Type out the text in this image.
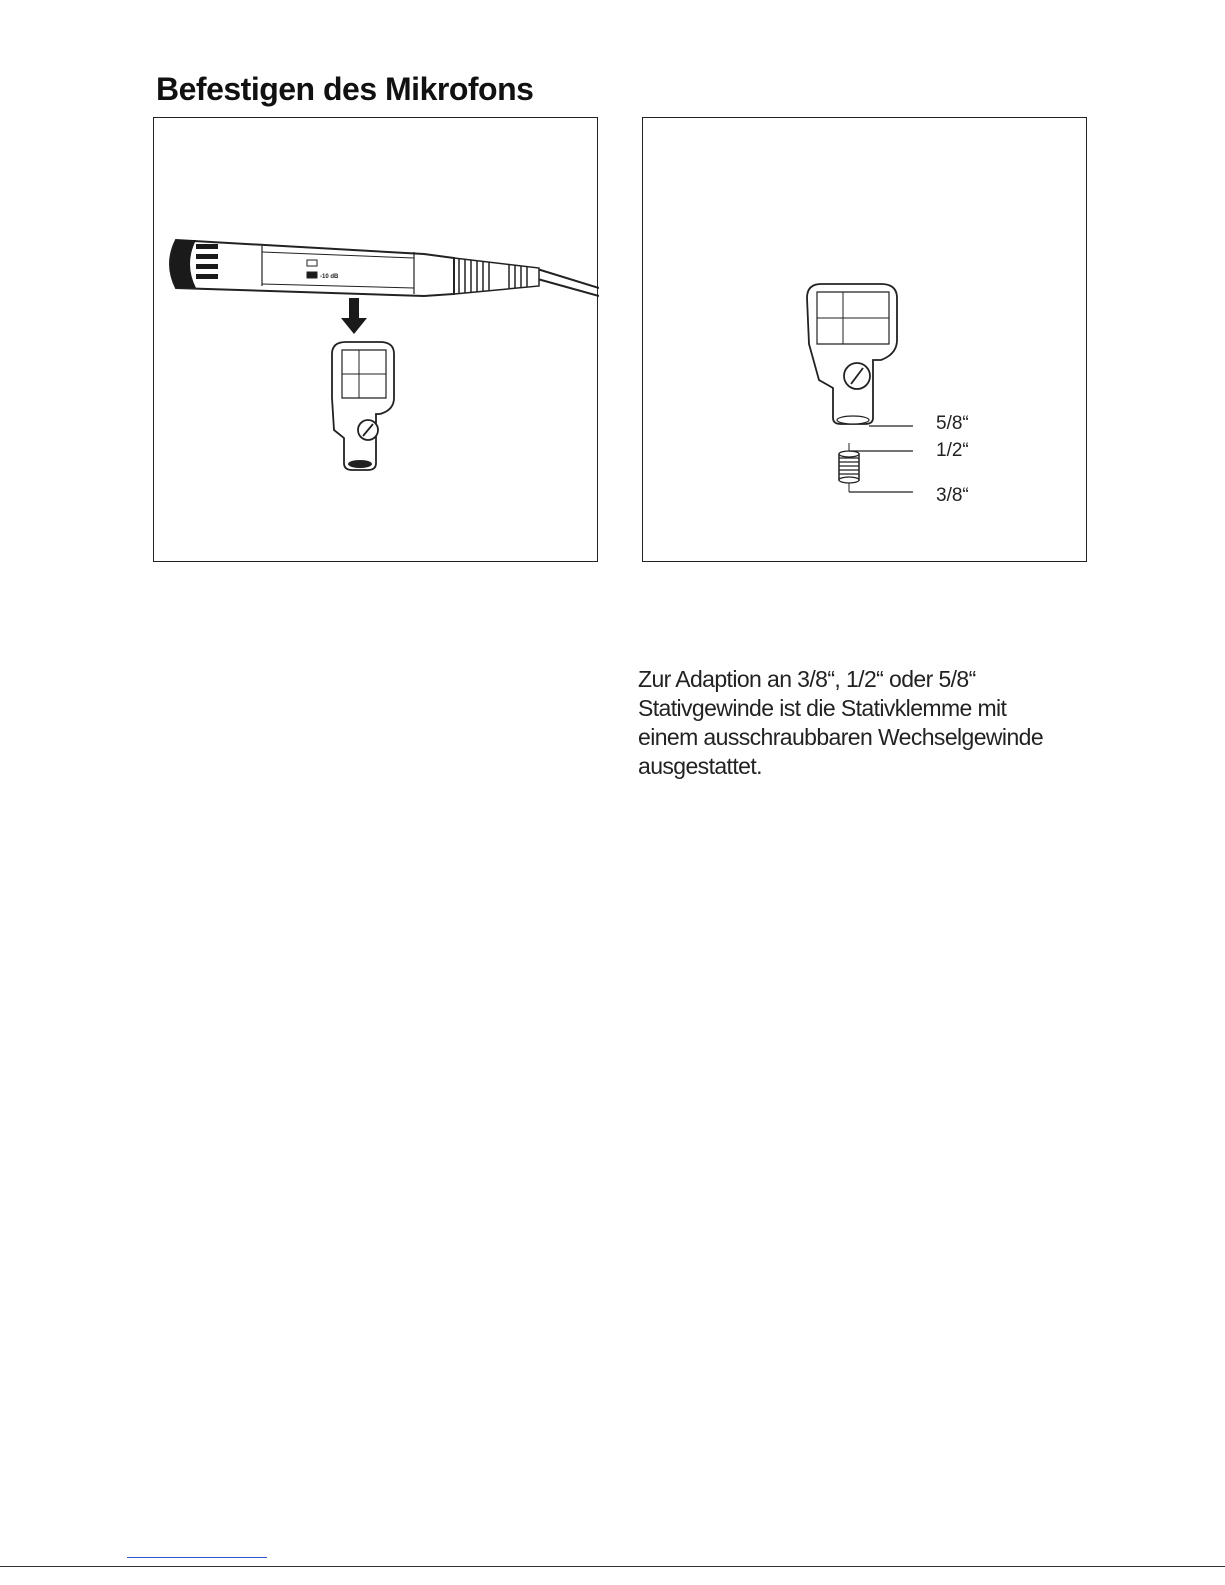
Befestigen des Mikrofons
-10 dB
5/8“
1/2“
3/8“
Zur Adaption an 3/8“, 1/2“ oder 5/8“
Stativgewinde ist die Stativklemme mit
einem ausschraubbaren Wechselgewinde
ausgestattet.
